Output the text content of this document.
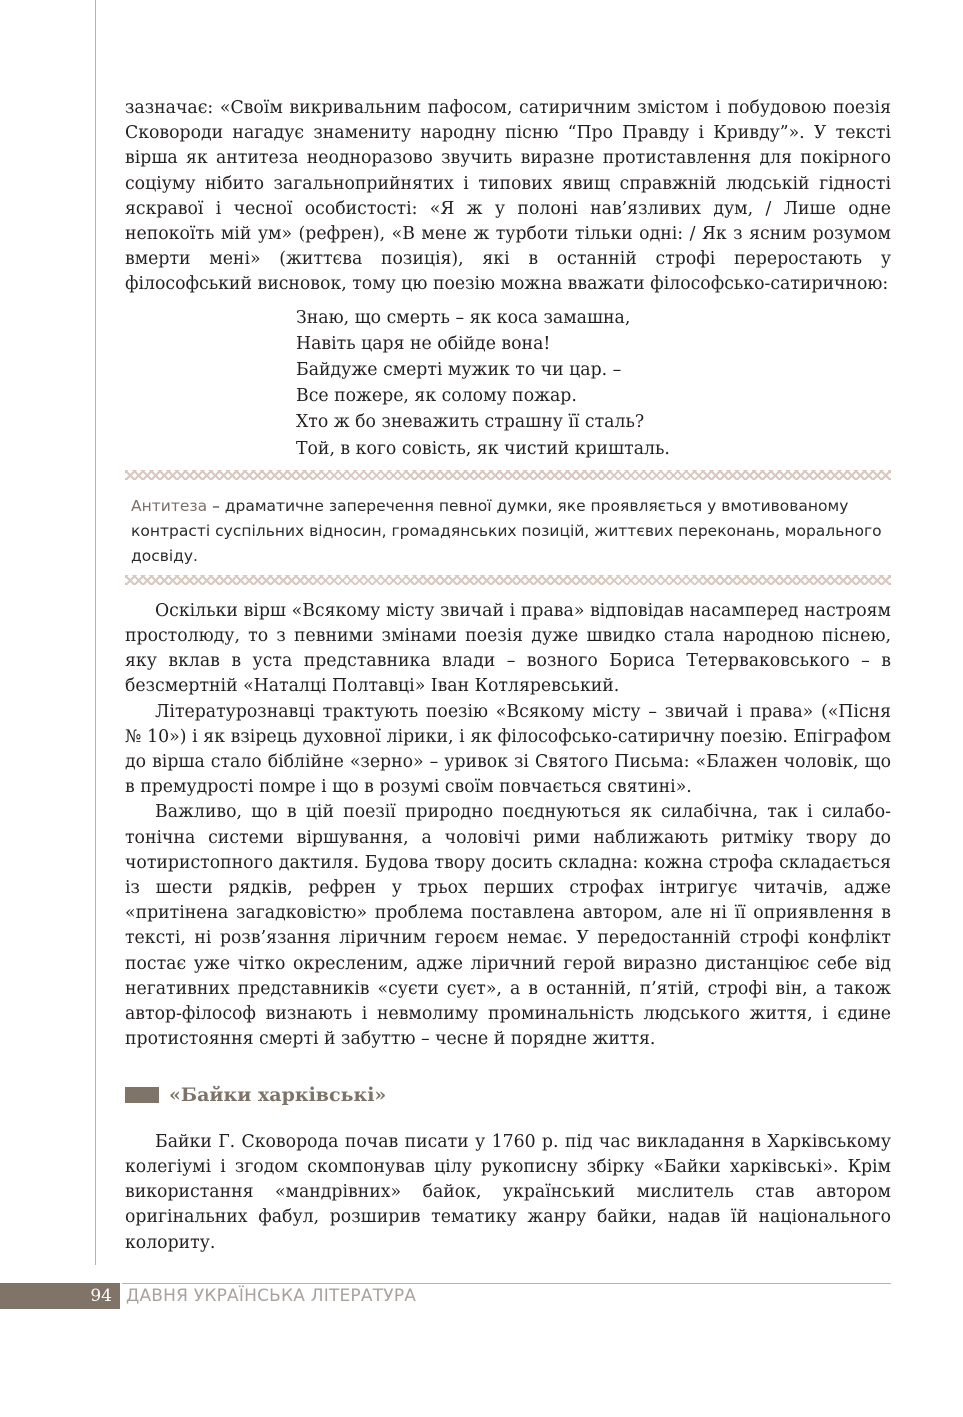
зазначає: «Своїм викривальним пафосом, сатиричним змістом і побудовою поезія Сковороди нагадує знамениту народну пісню “Про Правду і Кривду”». У тексті вірша як антитеза неодноразово звучить виразне протиставлення для покірного соціуму нібито загальноприйнятих і типових явищ справжній людській гідності яскравої і чесної особистості: «Я ж у полоні нав’язливих дум, / Лише одне непокоїть мій ум» (рефрен), «В мене ж турботи тільки одні: / Як з ясним розумом вмерти мені» (життєва позиція), які в останній строфі переростають у філософський висновок, тому цю поезію можна вважати філософсько-сатиричною:

Знаю, що смерть – як коса замашна,
Навіть царя не обійде вона!
Байдуже смерті мужик то чи цар. –
Все пожере, як солому пожар.
Хто ж бо зневажить страшну її сталь?
Той, в кого совість, як чистий кришталь.
Антитеза – драматичне заперечення певної думки, яке проявляється у вмотивованому контрасті суспільних відносин, громадянських позицій, життєвих переконань, морального досвіду.

Оскільки вірш «Всякому місту звичай і права» відповідав насамперед настроям простолюду, то з певними змінами поезія дуже швидко стала народною піснею, яку вклав в уста представника влади – возного Бориса Тетерваковського – в безсмертній «Наталці Полтавці» Іван Котляревський.

Літературознавці трактують поезію «Всякому місту – звичай і права» («Пісня № 10») і як взірець духовної лірики, і як філософсько-сатиричну поезію. Епіграфом до вірша стало біблійне «зерно» – уривок зі Святого Письма: «Блажен чоловік, що в премудрості помре і що в розумі своїм повчається святині».

Важливо, що в цій поезії природно поєднуються як силабічна, так і силабо-тонічна системи віршування, а чоловічі рими наближають ритміку твору до чотиристопного дактиля. Будова твору досить складна: кожна строфа складається із шести рядків, рефрен у трьох перших строфах інтригує читачів, адже «притінена загадковістю» проблема поставлена автором, але ні її оприявлення в тексті, ні розв’язання ліричним героєм немає. У передостанній строфі конфлікт постає уже чітко окресленим, адже ліричний герой виразно дистанціює себе від негативних представників «суєти суєт», а в останній, п’ятій, строфі він, а також автор-філософ визнають і невмолиму проминальність людського життя, і єдине протистояння смерті й забуттю – чесне й порядне життя.

«Байки харківські»

Байки Г. Сковорода почав писати у 1760 р. під час викладання в Харківському колегіумі і згодом скомпонував цілу рукописну збірку «Байки харківські». Крім використання «мандрівних» байок, український мислитель став автором оригінальних фабул, розширив тематику жанру байки, надав їй національного колориту.

94 ДАВНЯ УКРАЇНСЬКА ЛІТЕРАТУРА
